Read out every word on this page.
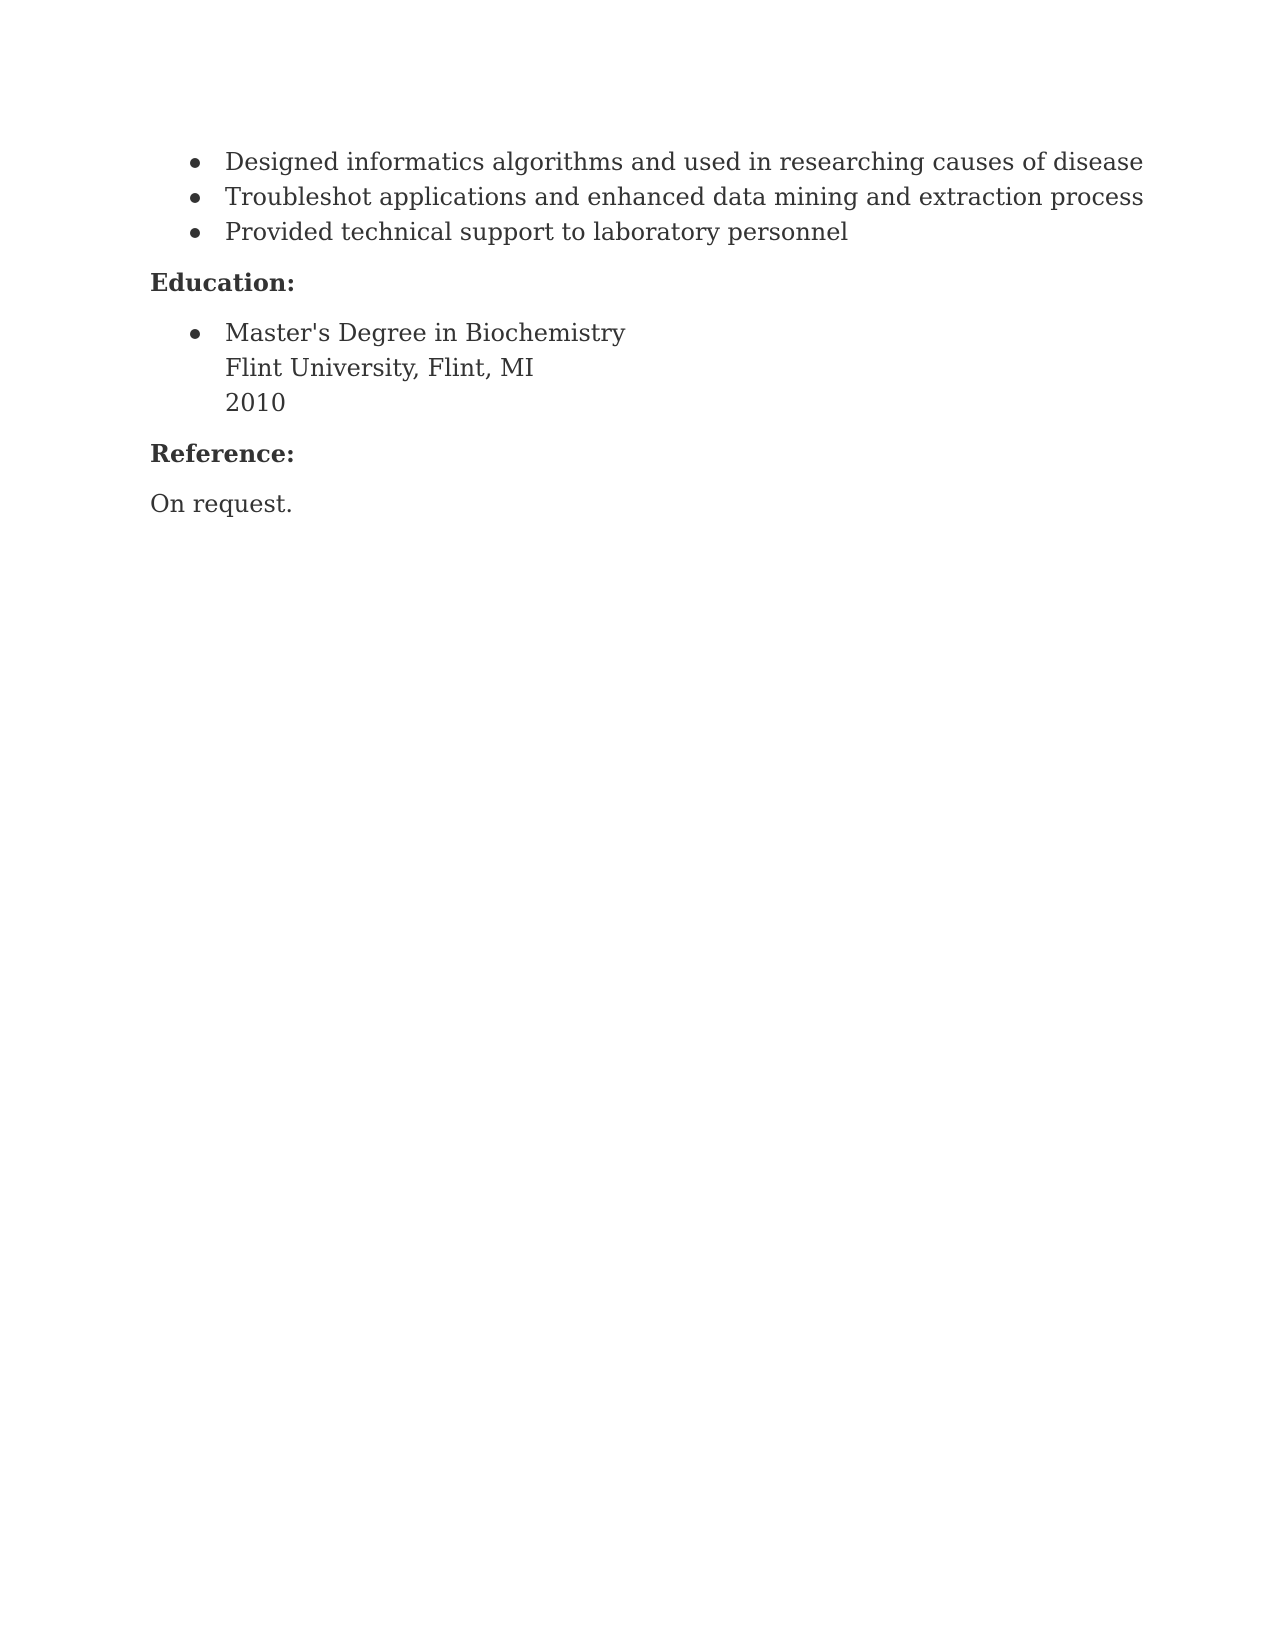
Designed informatics algorithms and used in researching causes of disease
Troubleshot applications and enhanced data mining and extraction process
Provided technical support to laboratory personnel
Education:
Master's Degree in Biochemistry
Flint University, Flint, MI
2010
Reference:

On request.
